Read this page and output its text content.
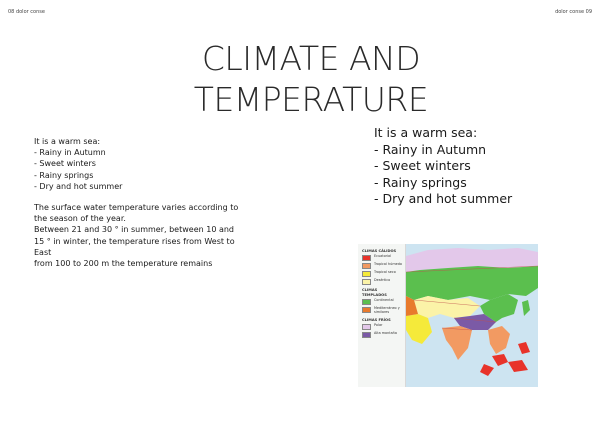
08 dolor conse	dolor conse 09
CLIMATE AND
TEMPERATURE
It is a warm sea:
- Rainy in Autumn
- Sweet winters
- Rainy springs
- Dry and hot summer
The surface water temperature varies according to
the season of the year.
Between 21 and 30 ° in summer, between 10 and
15 ° in winter, the temperature rises from West to
East
from 100 to 200 m the temperature remains
It is a warm sea:
- Rainy in Autumn
- Sweet winters
- Rainy springs
- Dry and hot summer
CLIMAS CÁLIDOS
Ecuatorial
Tropical húmedo
Tropical seco
Desértico
CLIMAS TEMPLADOS
Continental
Mediterráneo y similares
CLIMAS FRÍOS
Polar
Alta montaña
